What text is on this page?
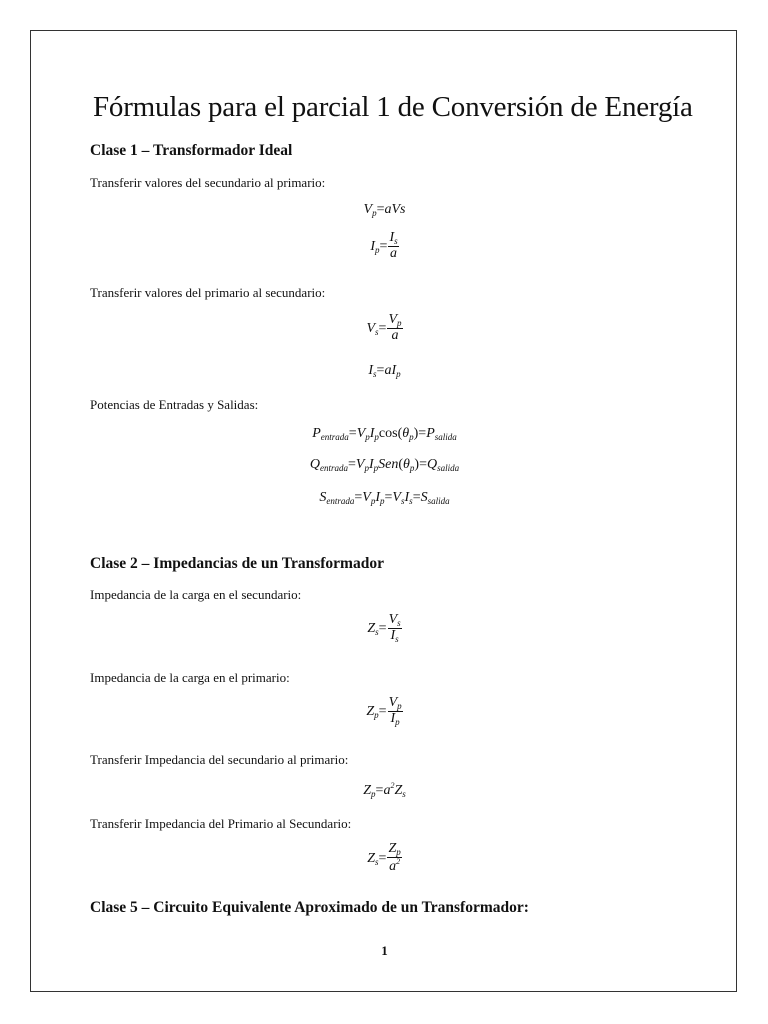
Fórmulas para el parcial 1 de Conversión de Energía
Clase 1 – Transformador Ideal
Transferir valores del secundario al primario:
$V_p=aVs$
$I_p= \frac{I_s}{a}$
Transferir valores del primario al secundario:
$V_s= \frac{V_p}{a}$
$I_s=aI_p$
Potencias de Entradas y Salidas:
$P_{entrada}=V_pI_p\cos(\theta_p)=P_{salida}$
$Q_{entrada}=V_pI_pSen(\theta_p)=Q_{salida}$
$S_{entrada}=V_pI_p=V_sI_s=S_{salida}$
Clase 2 – Impedancias de un Transformador
Impedancia de la carga en el secundario:
$Z_s= \frac{V_s}{I_s}$
Impedancia de la carga en el primario:
$Z_p= \frac{V_p}{I_p}$
Transferir Impedancia del secundario al primario:
$Z_p=a^2Z_s$
Transferir Impedancia del Primario al Secundario:
$Z_s= \frac{Z_p}{a^2}$
Clase 5 – Circuito Equivalente Aproximado de un Transformador:
1
